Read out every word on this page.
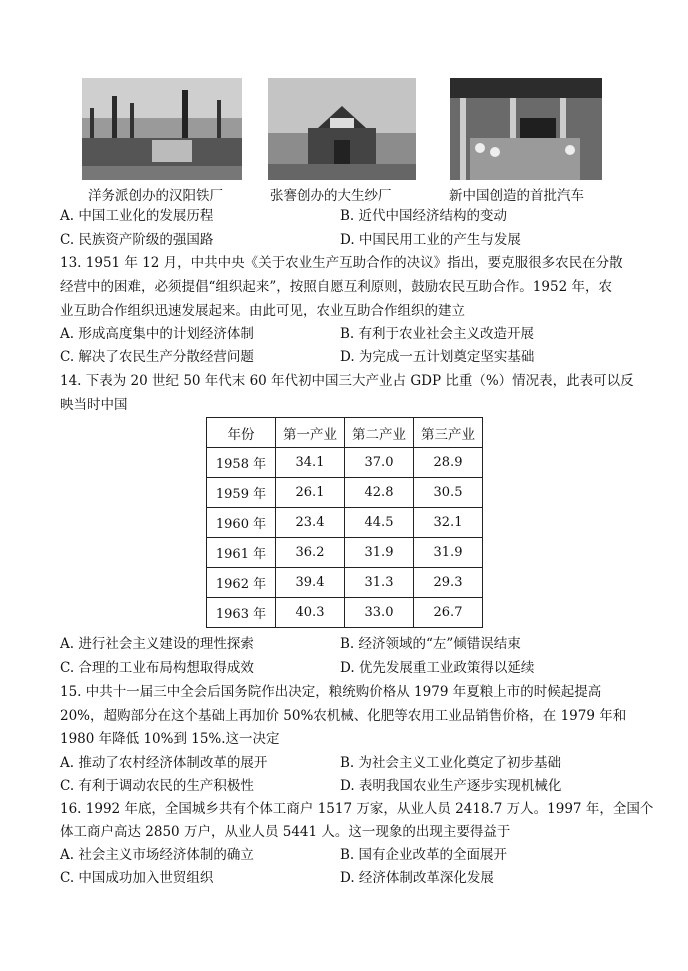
洋务派创办的汉阳铁厂	张謇创办的大生纱厂	新中国创造的首批汽车
A. 中国工业化的发展历程	B. 近代中国经济结构的变动
C. 民族资产阶级的强国路	D. 中国民用工业的产生与发展
13. 1951 年 12 月，中共中央《关于农业生产互助合作的决议》指出，要克服很多农民在分散
经营中的困难，必须提倡“组织起来”，按照自愿互利原则，鼓励农民互助合作。1952 年，农
业互助合作组织迅速发展起来。由此可见，农业互助合作组织的建立
A. 形成高度集中的计划经济体制	B. 有利于农业社会主义改造开展
C. 解决了农民生产分散经营问题	D. 为完成一五计划奠定坚实基础
14. 下表为 20 世纪 50 年代末 60 年代初中国三大产业占 GDP 比重（%）情况表，此表可以反
映当时中国
年份	第一产业	第二产业	第三产业
1958 年	34.1	37.0	28.9
1959 年	26.1	42.8	30.5
1960 年	23.4	44.5	32.1
1961 年	36.2	31.9	31.9
1962 年	39.4	31.3	29.3
1963 年	40.3	33.0	26.7
A. 进行社会主义建设的理性探索	B. 经济领域的“左”倾错误结束
C. 合理的工业布局构想取得成效	D. 优先发展重工业政策得以延续
15. 中共十一届三中全会后国务院作出决定，粮统购价格从 1979 年夏粮上市的时候起提高
20%，超购部分在这个基础上再加价 50%农机械、化肥等农用工业品销售价格，在 1979 年和
1980 年降低 10%到 15%.这一决定
A. 推动了农村经济体制改革的展开	B. 为社会主义工业化奠定了初步基础
C. 有利于调动农民的生产积极性	D. 表明我国农业生产逐步实现机械化
16. 1992 年底，全国城乡共有个体工商户 1517 万家，从业人员 2418.7 万人。1997 年，全国个
体工商户高达 2850 万户，从业人员 5441 人。这一现象的出现主要得益于
A. 社会主义市场经济体制的确立	B. 国有企业改革的全面展开
C. 中国成功加入世贸组织	D. 经济体制改革深化发展
